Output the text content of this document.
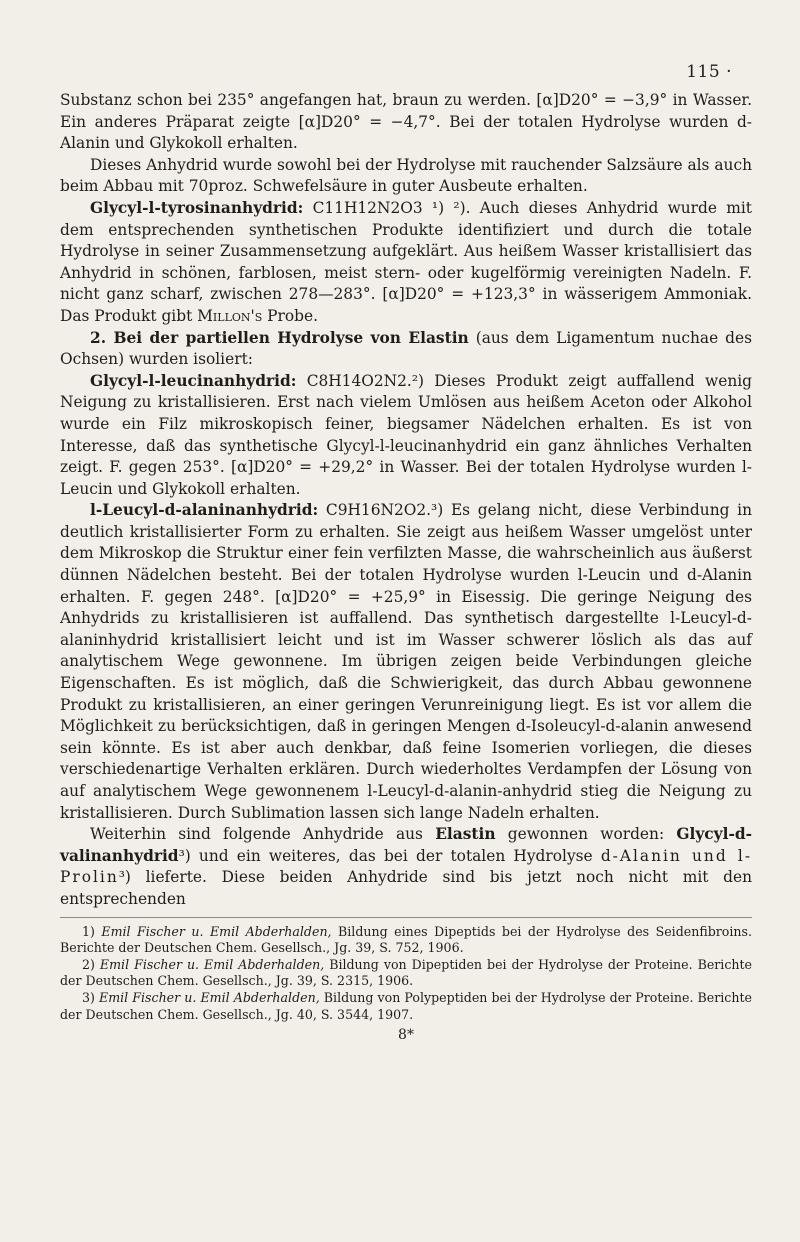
115 ·

Substanz schon bei 235° angefangen hat, braun zu werden. [α]D20° = −3,9° in Wasser. Ein anderes Präparat zeigte [α]D20° = −4,7°. Bei der totalen Hydrolyse wurden d-Alanin und Glykokoll erhalten.

Dieses Anhydrid wurde sowohl bei der Hydrolyse mit rauchender Salzsäure als auch beim Abbau mit 70proz. Schwefelsäure in guter Ausbeute erhalten.

Glycyl-l-tyrosinanhydrid: C11H12N2O3 ¹) ²). Auch dieses Anhydrid wurde mit dem entsprechenden synthetischen Produkte identifiziert und durch die totale Hydrolyse in seiner Zusammensetzung aufgeklärt. Aus heißem Wasser kristallisiert das Anhydrid in schönen, farblosen, meist stern- oder kugelförmig vereinigten Nadeln. F. nicht ganz scharf, zwischen 278—283°. [α]D20° = +123,3° in wässerigem Ammoniak. Das Produkt gibt Millon's Probe.

2. Bei der partiellen Hydrolyse von Elastin (aus dem Ligamentum nuchae des Ochsen) wurden isoliert:

Glycyl-l-leucinanhydrid: C8H14O2N2.²) Dieses Produkt zeigt auffallend wenig Neigung zu kristallisieren. Erst nach vielem Umlösen aus heißem Aceton oder Alkohol wurde ein Filz mikroskopisch feiner, biegsamer Nädelchen erhalten. Es ist von Interesse, daß das synthetische Glycyl-l-leucinanhydrid ein ganz ähnliches Verhalten zeigt. F. gegen 253°. [α]D20° = +29,2° in Wasser. Bei der totalen Hydrolyse wurden l-Leucin und Glykokoll erhalten.

l-Leucyl-d-alaninanhydrid: C9H16N2O2.³) Es gelang nicht, diese Verbindung in deutlich kristallisierter Form zu erhalten. Sie zeigt aus heißem Wasser umgelöst unter dem Mikroskop die Struktur einer fein verfilzten Masse, die wahrscheinlich aus äußerst dünnen Nädelchen besteht. Bei der totalen Hydrolyse wurden l-Leucin und d-Alanin erhalten. F. gegen 248°. [α]D20° = +25,9° in Eisessig. Die geringe Neigung des Anhydrids zu kristallisieren ist auffallend. Das synthetisch dargestellte l-Leucyl-d-alaninhydrid kristallisiert leicht und ist im Wasser schwerer löslich als das auf analytischem Wege gewonnene. Im übrigen zeigen beide Verbindungen gleiche Eigenschaften. Es ist möglich, daß die Schwierigkeit, das durch Abbau gewonnene Produkt zu kristallisieren, an einer geringen Verunreinigung liegt. Es ist vor allem die Möglichkeit zu berücksichtigen, daß in geringen Mengen d-Isoleucyl-d-alanin anwesend sein könnte. Es ist aber auch denkbar, daß feine Isomerien vorliegen, die dieses verschiedenartige Verhalten erklären. Durch wiederholtes Verdampfen der Lösung von auf analytischem Wege gewonnenem l-Leucyl-d-alanin-anhydrid stieg die Neigung zu kristallisieren. Durch Sublimation lassen sich lange Nadeln erhalten.

Weiterhin sind folgende Anhydride aus Elastin gewonnen worden: Glycyl-d-valinanhydrid³) und ein weiteres, das bei der totalen Hydrolyse d-Alanin und l-Prolin³) lieferte. Diese beiden Anhydride sind bis jetzt noch nicht mit den entsprechenden

1) Emil Fischer u. Emil Abderhalden, Bildung eines Dipeptids bei der Hydrolyse des Seidenfibroins. Berichte der Deutschen Chem. Gesellsch., Jg. 39, S. 752, 1906.

2) Emil Fischer u. Emil Abderhalden, Bildung von Dipeptiden bei der Hydrolyse der Proteine. Berichte der Deutschen Chem. Gesellsch., Jg. 39, S. 2315, 1906.

3) Emil Fischer u. Emil Abderhalden, Bildung von Polypeptiden bei der Hydrolyse der Proteine. Berichte der Deutschen Chem. Gesellsch., Jg. 40, S. 3544, 1907.

8*
